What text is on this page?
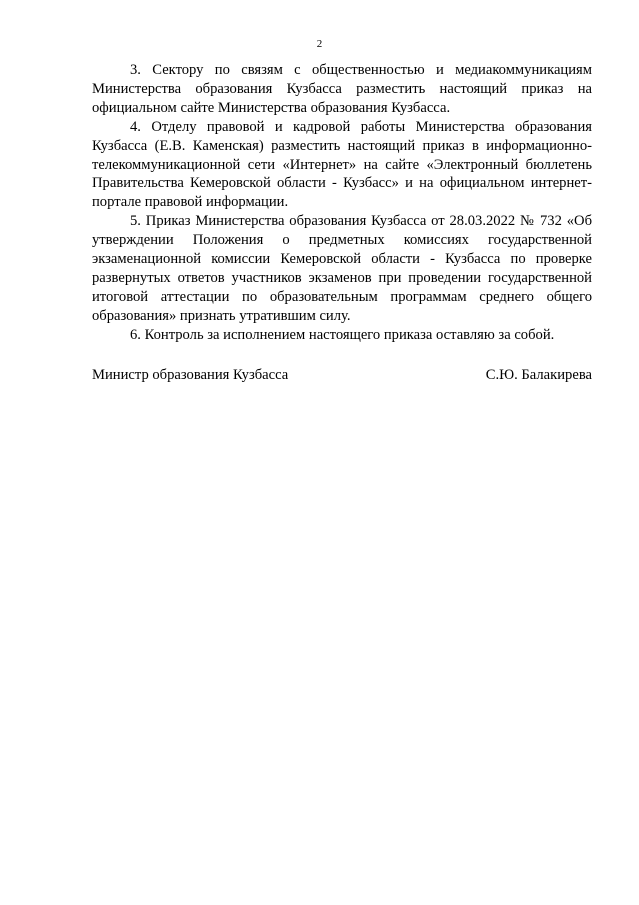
2

3. Сектору по связям с общественностью и медиакоммуникациям Министерства образования Кузбасса разместить настоящий приказ на официальном сайте Министерства образования Кузбасса.

4. Отделу правовой и кадровой работы Министерства образования Кузбасса (Е.В. Каменская) разместить настоящий приказ в информационно-телекоммуникационной сети «Интернет» на сайте «Электронный бюллетень Правительства Кемеровской области - Кузбасс» и на официальном интернет-портале правовой информации.

5. Приказ Министерства образования Кузбасса от 28.03.2022 № 732 «Об утверждении Положения о предметных комиссиях государственной экзаменационной комиссии Кемеровской области - Кузбасса по проверке развернутых ответов участников экзаменов при проведении государственной итоговой аттестации по образовательным программам среднего общего образования» признать утратившим силу.

6. Контроль за исполнением настоящего приказа оставляю за собой.

Министр образования Кузбасса	С.Ю. Балакирева
